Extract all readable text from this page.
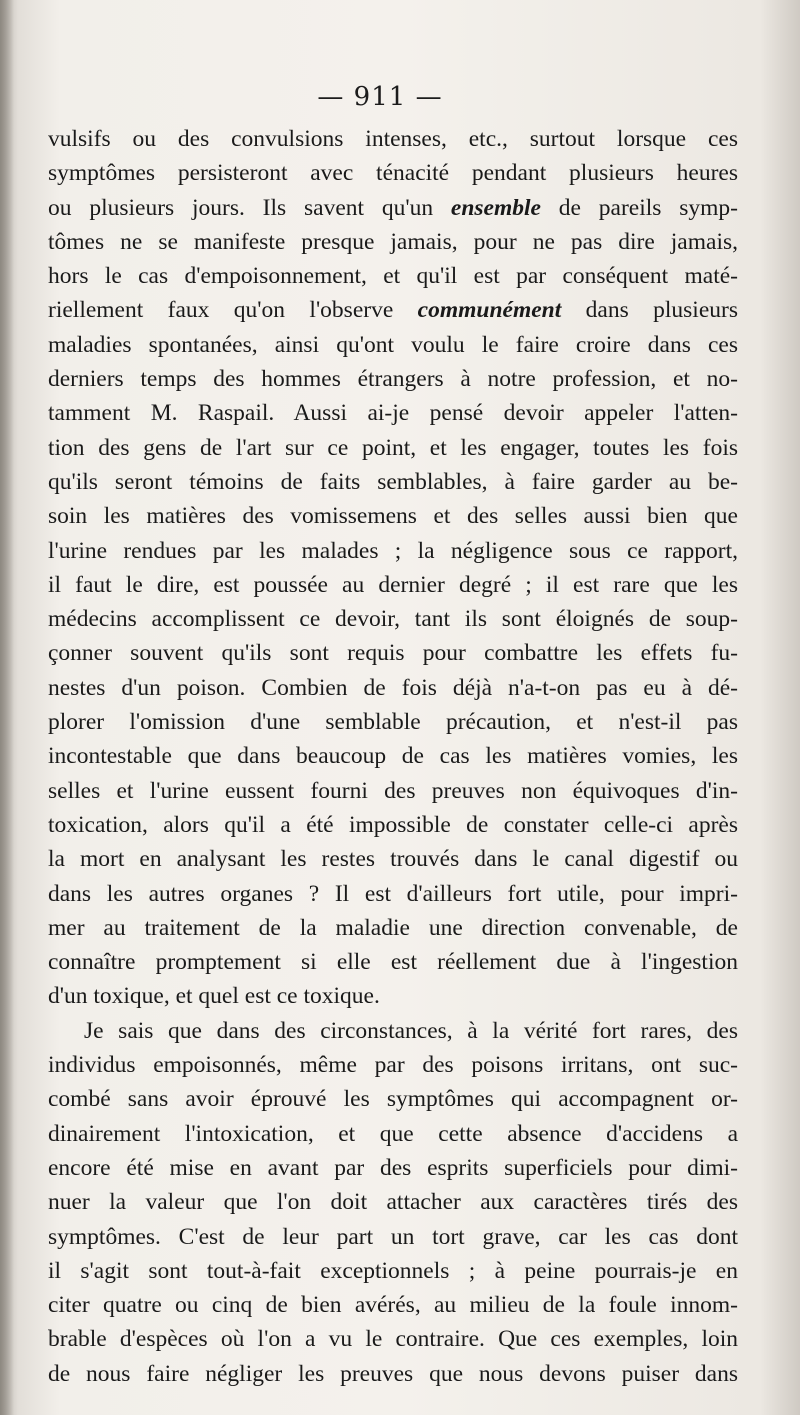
— 911 —
vulsifs ou des convulsions intenses, etc., surtout lorsque ces
symptômes persisteront avec ténacité pendant plusieurs heures
ou plusieurs jours. Ils savent qu'un ensemble de pareils symp-
tômes ne se manifeste presque jamais, pour ne pas dire jamais,
hors le cas d'empoisonnement, et qu'il est par conséquent maté-
riellement faux qu'on l'observe communément dans plusieurs
maladies spontanées, ainsi qu'ont voulu le faire croire dans ces
derniers temps des hommes étrangers à notre profession, et no-
tamment M. Raspail. Aussi ai-je pensé devoir appeler l'atten-
tion des gens de l'art sur ce point, et les engager, toutes les fois
qu'ils seront témoins de faits semblables, à faire garder au be-
soin les matières des vomissemens et des selles aussi bien que
l'urine rendues par les malades ; la négligence sous ce rapport,
il faut le dire, est poussée au dernier degré ; il est rare que les
médecins accomplissent ce devoir, tant ils sont éloignés de soup-
çonner souvent qu'ils sont requis pour combattre les effets fu-
nestes d'un poison. Combien de fois déjà n'a-t-on pas eu à dé-
plorer l'omission d'une semblable précaution, et n'est-il pas
incontestable que dans beaucoup de cas les matières vomies, les
selles et l'urine eussent fourni des preuves non équivoques d'in-
toxication, alors qu'il a été impossible de constater celle-ci après
la mort en analysant les restes trouvés dans le canal digestif ou
dans les autres organes ? Il est d'ailleurs fort utile, pour impri-
mer au traitement de la maladie une direction convenable, de
connaître promptement si elle est réellement due à l'ingestion
d'un toxique, et quel est ce toxique.
Je sais que dans des circonstances, à la vérité fort rares, des
individus empoisonnés, même par des poisons irritans, ont suc-
combé sans avoir éprouvé les symptômes qui accompagnent or-
dinairement l'intoxication, et que cette absence d'accidens a
encore été mise en avant par des esprits superficiels pour dimi-
nuer la valeur que l'on doit attacher aux caractères tirés des
symptômes. C'est de leur part un tort grave, car les cas dont
il s'agit sont tout-à-fait exceptionnels ; à peine pourrais-je en
citer quatre ou cinq de bien avérés, au milieu de la foule innom-
brable d'espèces où l'on a vu le contraire. Que ces exemples, loin
de nous faire négliger les preuves que nous devons puiser dans
